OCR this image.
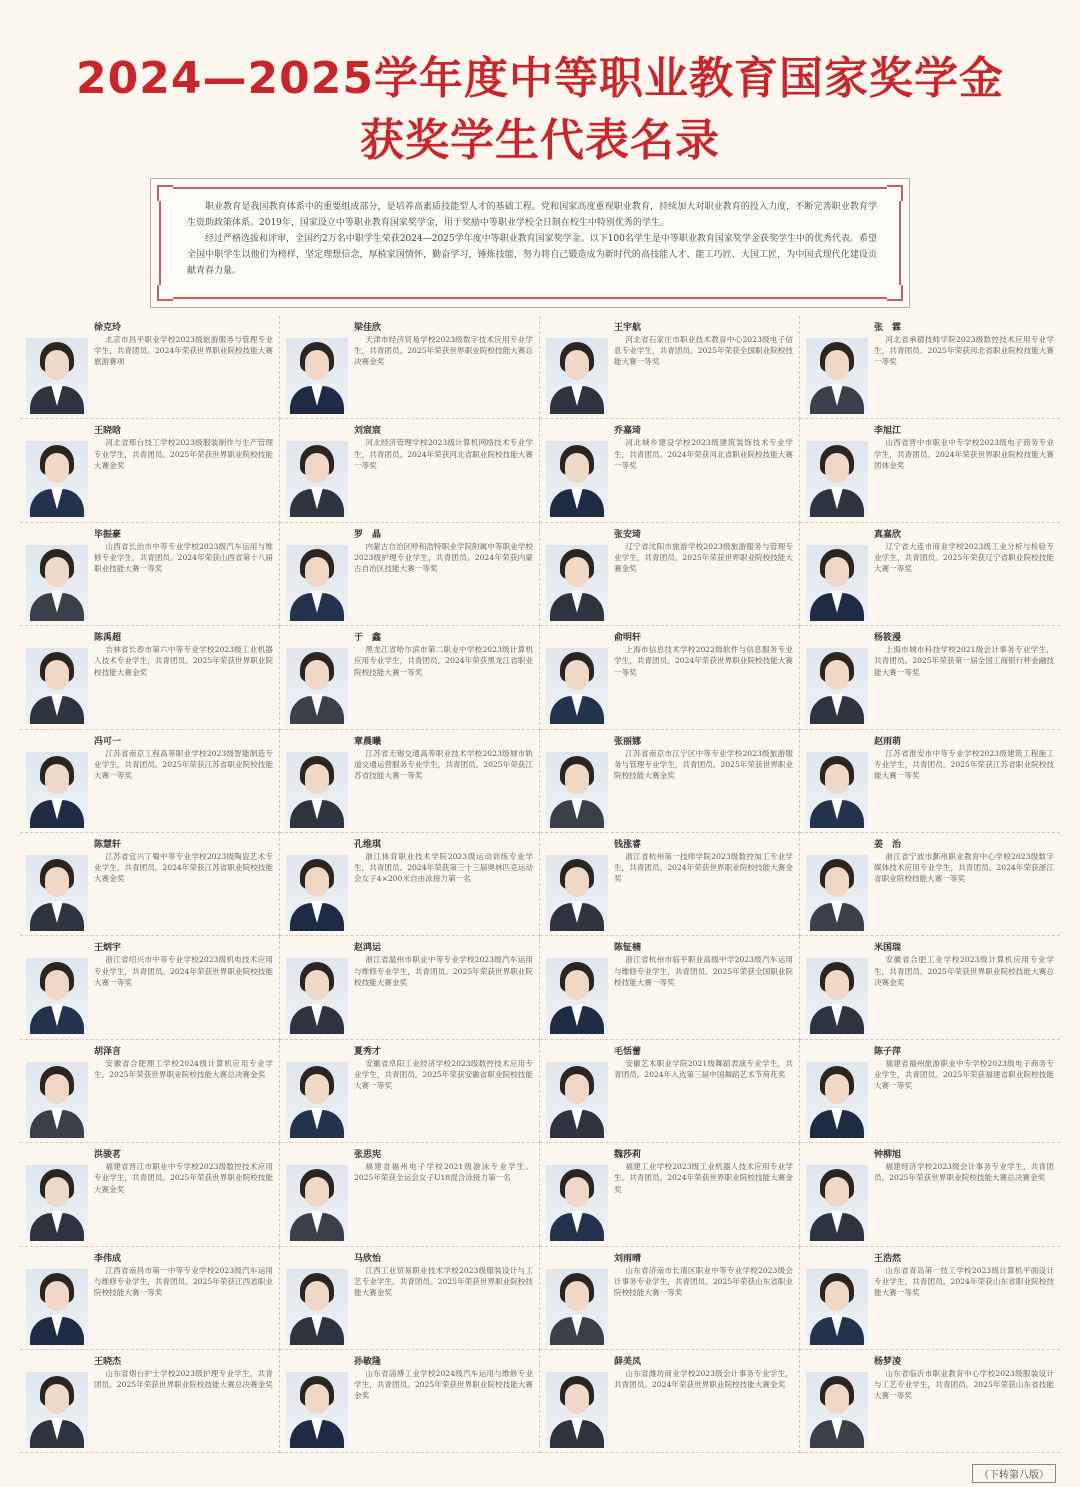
2024—2025学年度中等职业教育国家奖学金
获奖学生代表名录

职业教育是我国教育体系中的重要组成部分，是培养高素质技能型人才的基础工程。党和国家高度重视职业教育，持续加大对职业教育的投入力度，不断完善职业教育学生资助政策体系。2019年，国家设立中等职业教育国家奖学金，用于奖励中等职业学校全日制在校生中特别优秀的学生。

经过严格选拔和评审，全国约2万名中职学生荣获2024—2025学年度中等职业教育国家奖学金。以下100名学生是中等职业教育国家奖学金获奖学生中的优秀代表。希望全国中职学生以他们为榜样，坚定理想信念，厚植家国情怀，勤奋学习，锤炼技能，努力将自己锻造成为新时代的高技能人才、能工巧匠、大国工匠，为中国式现代化建设贡献青春力量。

徐克玲
北京市昌平职业学校2023级旅游服务与管理专业学生，共青团员。2024年荣获世界职业院校技能大赛旅游赛项
梁佳欣
天津市经济贸易学校2023级数字技术应用专业学生，共青团员。2025年荣获世界职业院校技能大赛总决赛金奖
王宇航
河北省石家庄市职业技术教育中心2023级电子信息专业学生，共青团员。2025年荣获全国职业院校技能大赛一等奖
张　霖
河北省承德技师学院2023级数控技术应用专业学生，共青团员。2025年荣获河北省职业院校技能大赛一等奖
王晓晗
河北省邢台技工学校2023级服装制作与生产管理专业学生，共青团员。2025年荣获世界职业院校技能大赛金奖
刘宸宸
河北经济管理学校2023级计算机网络技术专业学生，共青团员。2024年荣获河北省职业院校技能大赛一等奖
乔嘉琦
河北城乡建设学校2023级建筑装饰技术专业学生，共青团员。2024年荣获河北省职业院校技能大赛一等奖
李旭江
山西省晋中市职业中专学校2023级电子商务专业学生，共青团员。2024年荣获世界职业院校技能大赛团体金奖
毕振豪
山西省长治市中等专业学校2023级汽车运用与维修专业学生，共青团员。2024年荣获山西省第十八届职业技能大赛一等奖
罗　晶
内蒙古自治区呼和浩特职业学院附属中等职业学校2023级护理专业学生，共青团员。2024年荣获内蒙古自治区技能大赛一等奖
张安琦
辽宁省沈阳市旅游学校2023级旅游服务与管理专业学生，共青团员。2025年荣获世界职业院校技能大赛金奖
真嘉欣
辽宁省大连市商业学校2023级工业分析与检验专业学生，共青团员。2025年荣获辽宁省职业院校技能大赛一等奖
陈禹超
吉林省长春市第六中等专业学校2023级工业机器人技术专业学生，共青团员。2025年荣获世界职业院校技能大赛金奖
于　鑫
黑龙江省哈尔滨市第二职业中学校2023级计算机应用专业学生，共青团员。2024年荣获黑龙江省职业院校技能大赛一等奖
俞明轩
上海市信息技术学校2022级软件与信息服务专业学生，共青团员。2024年荣获世界职业院校技能大赛一等奖
杨筱漫
上海市城市科技学校2021级会计事务专业学生，共青团员。2025年荣获第一届全国工商银行杯金融技能大赛一等奖
冯可一
江苏省南京工程高等职业学校2023级智能制造专业学生，共青团员。2025年荣获江苏省职业院校技能大赛一等奖
章晨曦
江苏省无锡交通高等职业技术学校2023级城市轨道交通运营服务专业学生，共青团员。2025年荣获江苏省技能大赛一等奖
张丽娜
江苏省南京市江宁区中等专业学校2023级旅游服务与管理专业学生，共青团员。2025年荣获世界职业院校技能大赛金奖
赵雨萌
江苏省淮安市中等专业学校2023级建筑工程施工专业学生，共青团员。2025年荣获江苏省职业院校技能大赛一等奖
陈慧轩
江苏省宜兴丁蜀中等专业学校2023级陶瓷艺术专业学生，共青团员。2024年荣获江苏省职业院校技能大赛金奖
孔维琪
浙江体育职业技术学院2023级运动训练专业学生，共青团员。2024年荣获第三十三届奥林匹克运动会女子4×200米自由泳接力第一名
钱涨睿
浙江省杭州第一技师学院2023级数控加工专业学生，共青团员。2024年荣获世界职业院校技能大赛金奖
姜　治
浙江省宁波市鄞州职业教育中心学校2023级数字媒体技术应用专业学生，共青团员。2024年荣获浙江省职业院校技能大赛一等奖
王炳宇
浙江省绍兴市中等专业学校2023级机电技术应用专业学生，共青团员。2024年荣获世界职业院校技能大赛一等奖
赵鸿运
浙江省温州市职业中等专业学校2023级汽车运用与维修专业学生，共青团员。2025年荣获世界职业院校技能大赛金奖
陈钲楠
浙江省杭州市临平职业高级中学2023级汽车运用与维修专业学生，共青团员。2025年荣获全国职业院校技能大赛一等奖
米国瑞
安徽省合肥工业学校2023级计算机应用专业学生，共青团员。2025年荣获世界职业院校技能大赛总决赛金奖
胡泽言
安徽省合肥理工学校2024级计算机应用专业学生。2025年荣获世界职业院校技能大赛总决赛金奖
夏秀才
安徽省阜阳工业经济学校2023级数控技术应用专业学生，共青团员。2025年荣获安徽省职业院校技能大赛一等奖
毛恬蕾
安徽艺术职业学院2021级舞蹈表演专业学生，共青团员。2024年入选第三届中国舞蹈艺术节荷花奖
陈子萍
福建省福州旅游职业中专学校2023级电子商务专业学生，共青团员。2025年荣获福建省职业院校技能大赛一等奖
洪骏茗
福建省晋江市职业中专学校2023级数控技术应用专业学生，共青团员。2025年荣获世界职业院校技能大赛金奖
张思宪
福建省福州电子学校2021级游泳专业学生。2025年荣获全运会女子U18混合泳接力第一名
魏莎莉
福建工业学校2023级工业机器人技术应用专业学生，共青团员。2024年荣获世界职业院校技能大赛金奖
钟柳旭
福建经济学校2023级会计事务专业学生，共青团员。2025年荣获世界职业院校技能大赛总决赛金奖
李伟成
江西省南昌市第一中等专业学校2023级汽车运用与维修专业学生，共青团员。2025年荣获江西省职业院校技能大赛一等奖
马欣怡
江西工业贸易职业技术学校2023级服装设计与工艺专业学生，共青团员。2025年荣获世界职业院校技能大赛金奖
刘雨晴
山东省济南市长清区职业中等专业学校2023级会计事务专业学生，共青团员。2025年荣获山东省职业院校技能大赛一等奖
王浩然
山东省青岛第一技工学校2023级计算机平面设计专业学生，共青团员。2024年荣获山东省职业院校技能大赛一等奖
王晓杰
山东省烟台护士学校2023级护理专业学生，共青团员。2025年荣获世界职业院校技能大赛总决赛金奖
孙敏隆
山东省淄博工业学校2024级汽车运用与维修专业学生，共青团员。2025年荣获世界职业院校技能大赛金奖
薛美凤
山东省潍坊商业学校2023级会计事务专业学生，共青团员。2024年荣获世界职业院校技能大赛金奖
杨梦凌
山东省临沂市职业教育中心学校2023级服装设计与工艺专业学生，共青团员。2025年荣获山东省技能大赛一等奖
（下转第八版）
